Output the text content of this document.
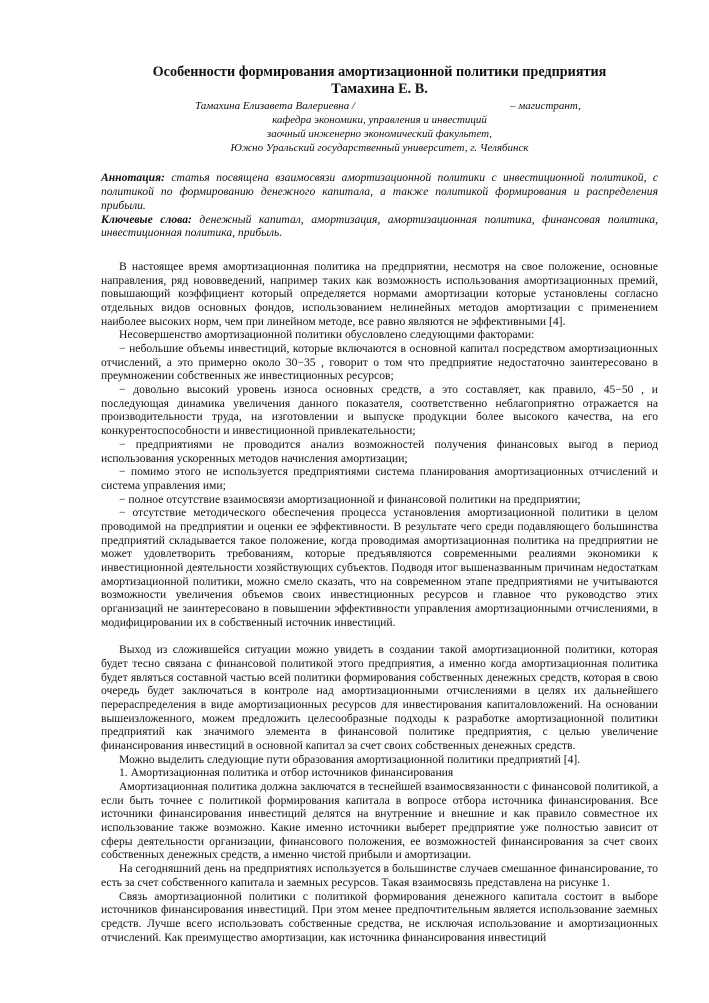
Особенности формирования амортизационной политики предприятия
Тамахина Е. В.
Тамахина Елизавета Валериевна /	– магистрант,
кафедра экономики, управления и инвестиций
заочный инженерно экономический факультет,
Южно Уральский государственный университет, г. Челябинск
Аннотация: статья посвящена взаимосвязи амортизационной политики с инвестиционной политикой, с политикой по формированию денежного капитала, а также политикой формирования и распределения прибыли.
Ключевые слова: денежный капитал, амортизация, амортизационная политика, финансовая политика, инвестиционная политика, прибыль.

В настоящее время амортизационная политика на предприятии, несмотря на свое положение, основные направления, ряд нововведений, например таких как возможность использования амортизационных премий, повышающий коэффициент который определяется нормами амортизации которые установлены согласно отдельных видов основных фондов, использованием нелинейных методов амортизации с применением наиболее высоких норм, чем при линейном методе, все равно являются не эффективными [4].

Несовершенство амортизационной политики обусловлено следующими факторами:

− небольшие объемы инвестиций, которые включаются в основной капитал посредством амортизационных отчислений, а это примерно около 30−35 , говорит о том что предприятие недостаточно заинтересовано в преумножении собственных же инвестиционных ресурсов;

− довольно высокий уровень износа основных средств, а это составляет, как правило, 45−50 , и последующая динамика увеличения данного показателя, соответственно неблагоприятно отражается на производительности труда, на изготовлении и выпуске продукции более высокого качества, на его конкурентоспособности и инвестиционной привлекательности;

− предприятиями не проводится анализ возможностей получения финансовых выгод в период использования ускоренных методов начисления амортизации;

− помимо этого не используется предприятиями система планирования амортизационных отчислений и система управления ими;

− полное отсутствие взаимосвязи амортизационной и финансовой политики на предприятии;

− отсутствие методического обеспечения процесса установления амортизационной политики в целом проводимой на предприятии и оценки ее эффективности. В результате чего среди подавляющего большинства предприятий складывается такое положение, когда проводимая амортизационная политика на предприятии не может удовлетворить требованиям, которые предъявляются современными реалиями экономики к инвестиционной деятельности хозяйствующих субъектов. Подводя итог вышеназванным причинам недостаткам амортизационной политики, можно смело сказать, что на современном этапе предприятиями не учитываются возможности увеличения объемов своих инвестиционных ресурсов и главное что руководство этих организаций не заинтересовано в повышении эффективности управления амортизационными отчислениями, в модифицировании их в собственный источник инвестиций.

Выход из сложившейся ситуации можно увидеть в создании такой амортизационной политики, которая будет тесно связана с финансовой политикой этого предприятия, а именно когда амортизационная политика будет являться составной частью всей политики формирования собственных денежных средств, которая в свою очередь будет заключаться в контроле над амортизационными отчислениями в целях их дальнейшего перераспределения в виде амортизационных ресурсов для инвестирования капиталовложений. На основании вышеизложенного, можем предложить целесообразные подходы к разработке амортизационной политики предприятий как значимого элемента в финансовой политике предприятия, с целью увеличение финансирования инвестиций в основной капитал за счет своих собственных денежных средств.

Можно выделить следующие пути образования амортизационной политики предприятий [4].

1. Амортизационная политика и отбор источников финансирования

Амортизационная политика должна заключатся в теснейшей взаимосвязанности с финансовой политикой, а если быть точнее с политикой формирования капитала в вопросе отбора источника финансирования. Все источники финансирования инвестиций делятся на внутренние и внешние и как правило совместное их использование также возможно. Какие именно источники выберет предприятие уже полностью зависит от сферы деятельности организации, финансового положения, ее возможностей финансирования за счет своих собственных денежных средств, а именно чистой прибыли и амортизации.

На сегодняшний день на предприятиях используется в большинстве случаев смешанное финансирование, то есть за счет собственного капитала и заемных ресурсов. Такая взаимосвязь представлена на рисунке 1.

Связь амортизационной политики с политикой формирования денежного капитала состоит в выборе источников финансирования инвестиций. При этом менее предпочтительным является использование заемных средств. Лучше всего использовать собственные средства, не исключая использование и амортизационных отчислений. Как преимущество амортизации, как источника финансирования инвестиций
